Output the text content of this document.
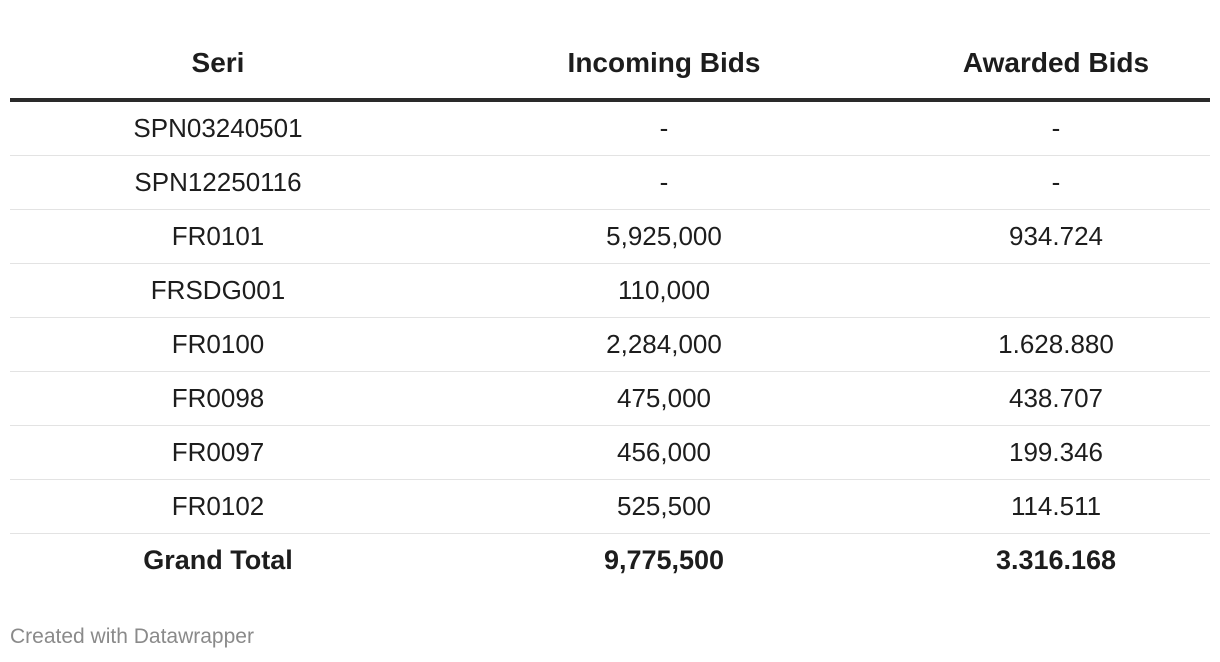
Seri	Incoming Bids	Awarded Bids
SPN03240501	-	-
SPN12250116	-	-
FR0101	5,925,000	934.724
FRSDG001	110,000	
FR0100	2,284,000	1.628.880
FR0098	475,000	438.707
FR0097	456,000	199.346
FR0102	525,500	114.511
Grand Total	9,775,500	3.316.168
Created with Datawrapper
